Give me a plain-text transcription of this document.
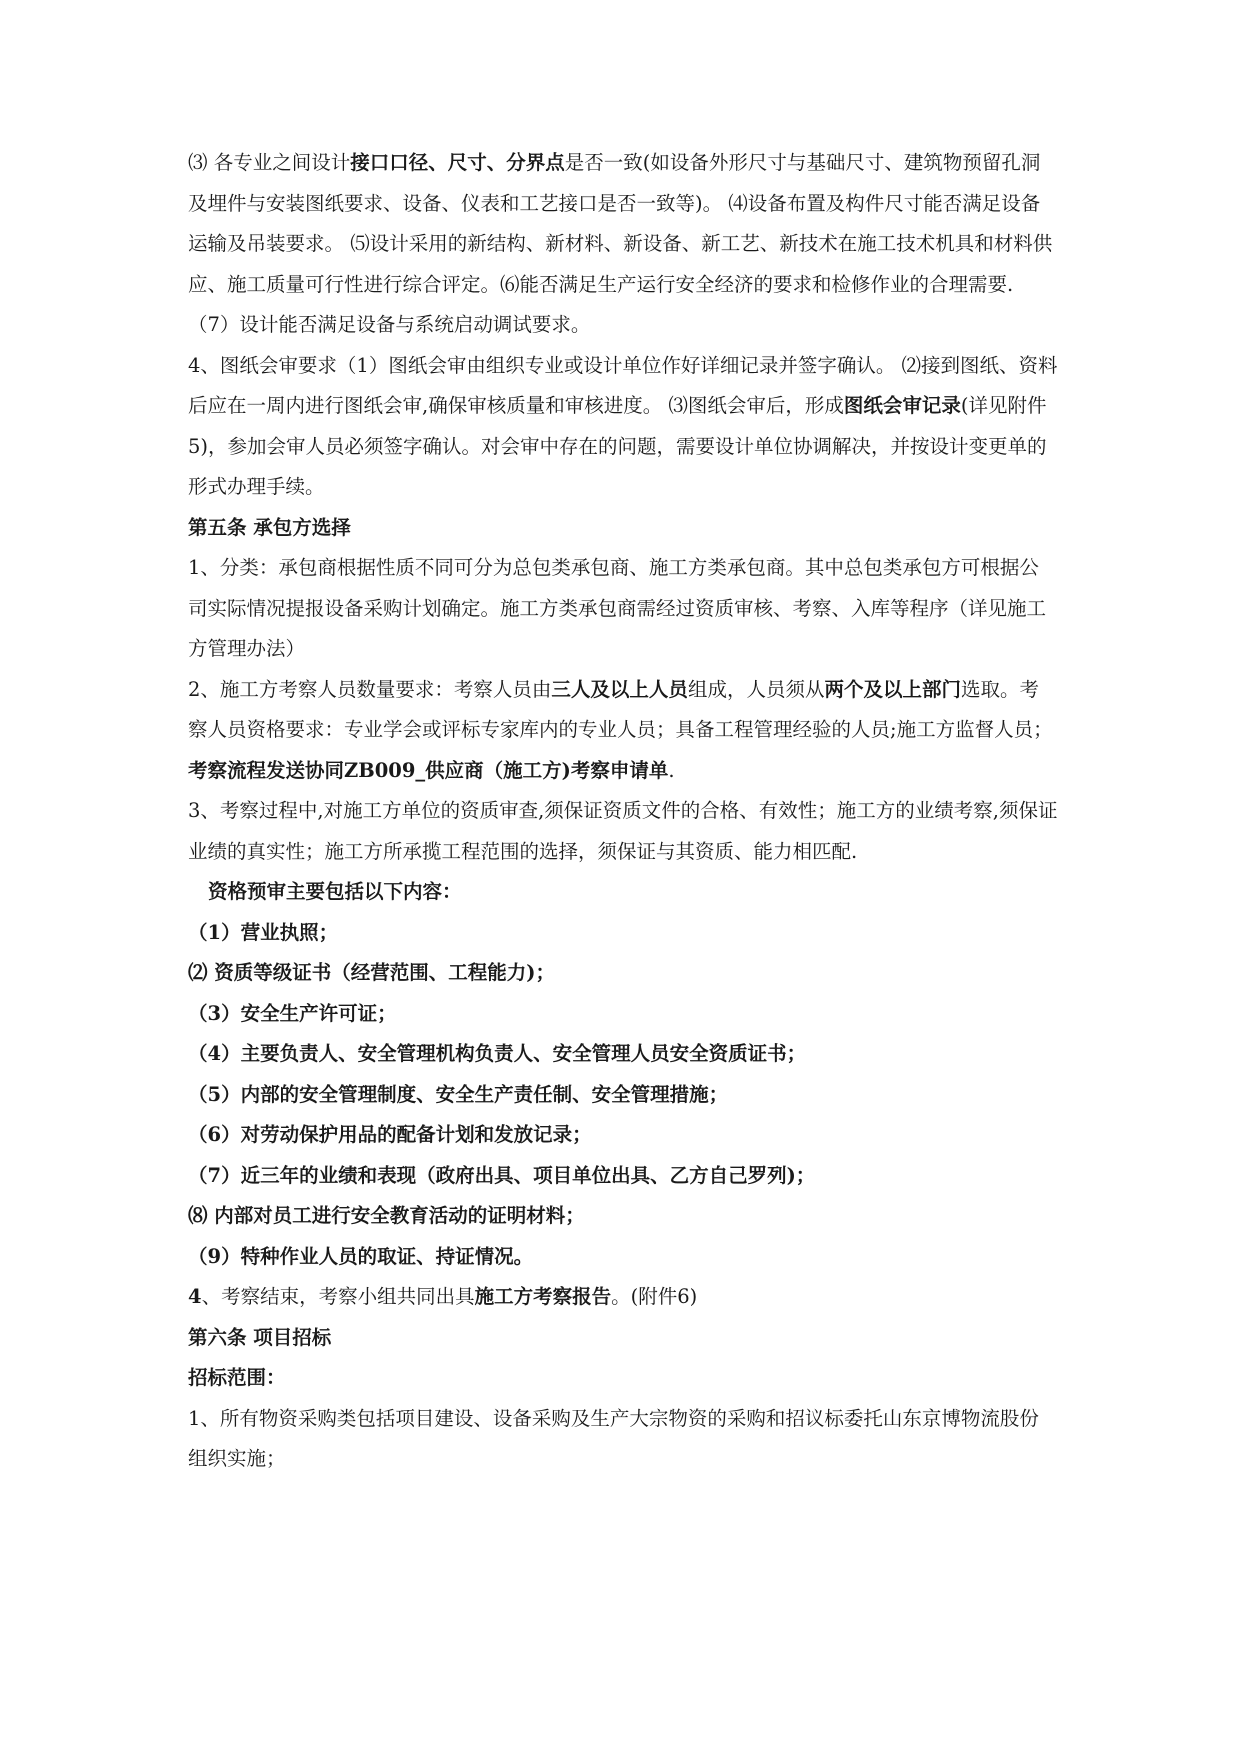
⑶ 各专业之间设计接口口径、尺寸、分界点是否一致(如设备外形尺寸与基础尺寸、建筑物预留孔洞及埋件与安装图纸要求、设备、仪表和工艺接口是否一致等)。 ⑷设备布置及构件尺寸能否满足设备运输及吊装要求。 ⑸设计采用的新结构、新材料、新设备、新工艺、新技术在施工技术机具和材料供应、施工质量可行性进行综合评定。⑹能否满足生产运行安全经济的要求和检修作业的合理需要.

（7）设计能否满足设备与系统启动调试要求。

4、图纸会审要求（1）图纸会审由组织专业或设计单位作好详细记录并签字确认。 ⑵接到图纸、资料后应在一周内进行图纸会审,确保审核质量和审核进度。 ⑶图纸会审后，形成图纸会审记录(详见附件5)，参加会审人员必须签字确认。对会审中存在的问题，需要设计单位协调解决，并按设计变更单的形式办理手续。

第五条 承包方选择

1、分类：承包商根据性质不同可分为总包类承包商、施工方类承包商。其中总包类承包方可根据公司实际情况提报设备采购计划确定。施工方类承包商需经过资质审核、考察、入库等程序（详见施工方管理办法）

2、施工方考察人员数量要求：考察人员由三人及以上人员组成，人员须从两个及以上部门选取。考察人员资格要求：专业学会或评标专家库内的专业人员；具备工程管理经验的人员;施工方监督人员；考察流程发送协同ZB009_供应商（施工方)考察申请单.

3、考察过程中,对施工方单位的资质审查,须保证资质文件的合格、有效性；施工方的业绩考察,须保证业绩的真实性；施工方所承揽工程范围的选择，须保证与其资质、能力相匹配.

资格预审主要包括以下内容：

（1）营业执照；

⑵ 资质等级证书（经营范围、工程能力)；

（3）安全生产许可证；

（4）主要负责人、安全管理机构负责人、安全管理人员安全资质证书；

（5）内部的安全管理制度、安全生产责任制、安全管理措施；

（6）对劳动保护用品的配备计划和发放记录；

（7）近三年的业绩和表现（政府出具、项目单位出具、乙方自己罗列)；

⑻ 内部对员工进行安全教育活动的证明材料；

（9）特种作业人员的取证、持证情况。

4、考察结束，考察小组共同出具施工方考察报告。(附件6)

第六条 项目招标

招标范围：

1、所有物资采购类包括项目建设、设备采购及生产大宗物资的采购和招议标委托山东京博物流股份组织实施；
